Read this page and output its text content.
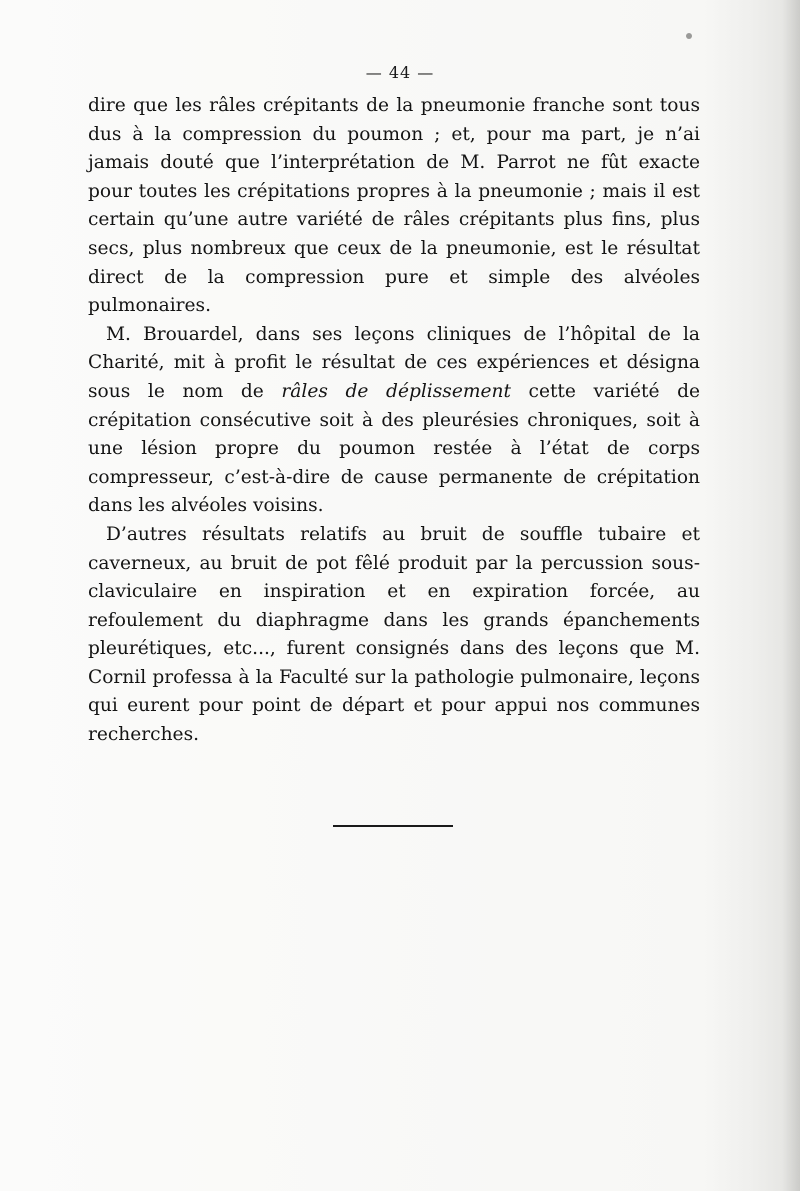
— 44 —

dire que les râles crépitants de la pneumonie franche sont tous dus à la compression du poumon ; et, pour ma part, je n’ai jamais douté que l’interprétation de M. Parrot ne fût exacte pour toutes les crépitations propres à la pneumonie ; mais il est certain qu’une autre variété de râles crépitants plus fins, plus secs, plus nombreux que ceux de la pneumonie, est le résultat direct de la compression pure et simple des alvéoles pulmonaires.

M. Brouardel, dans ses leçons cliniques de l’hôpital de la Charité, mit à profit le résultat de ces expériences et désigna sous le nom de râles de déplissement cette variété de crépitation consécutive soit à des pleurésies chroniques, soit à une lésion propre du poumon restée à l’état de corps compresseur, c’est-à-dire de cause permanente de crépitation dans les alvéoles voisins.

D’autres résultats relatifs au bruit de souffle tubaire et caverneux, au bruit de pot fêlé produit par la percussion sous-claviculaire en inspiration et en expiration forcée, au refoulement du diaphragme dans les grands épanchements pleurétiques, etc..., furent consignés dans des leçons que M. Cornil professa à la Faculté sur la pathologie pulmonaire, leçons qui eurent pour point de départ et pour appui nos communes recherches.
